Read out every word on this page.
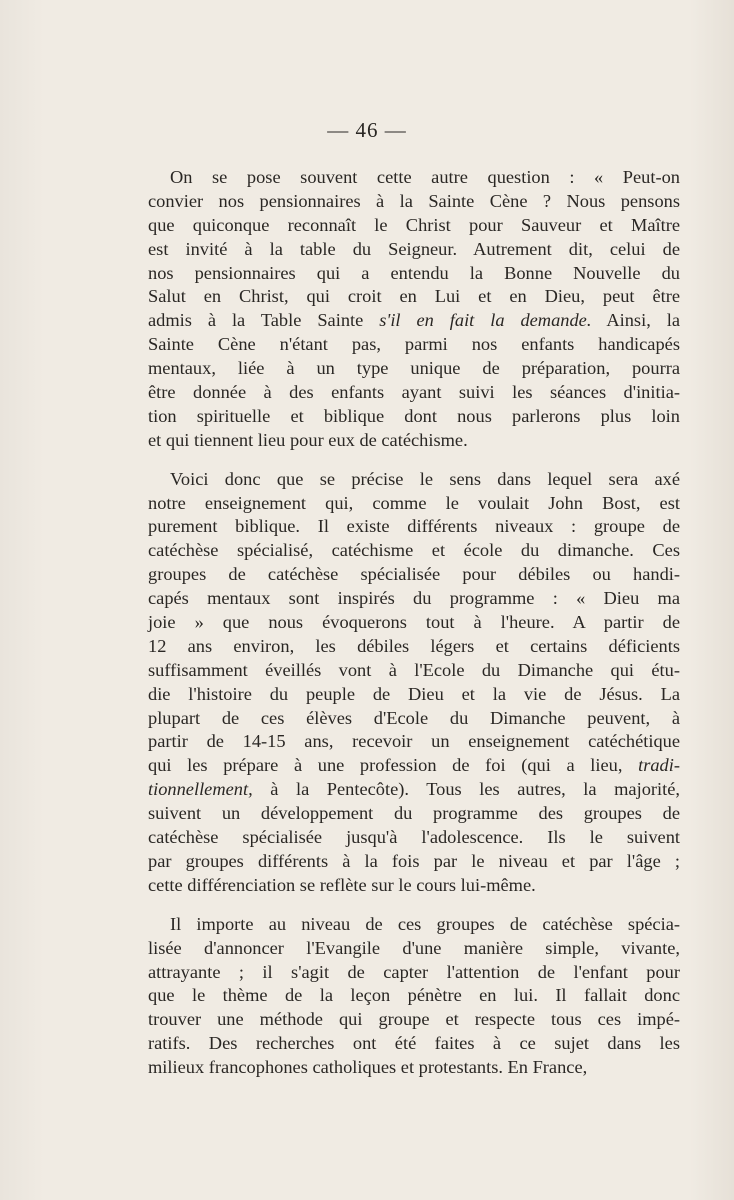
— 46 —
On se pose souvent cette autre question : « Peut-on
convier nos pensionnaires à la Sainte Cène ? Nous pensons
que quiconque reconnaît le Christ pour Sauveur et Maître
est invité à la table du Seigneur. Autrement dit, celui de
nos pensionnaires qui a entendu la Bonne Nouvelle du
Salut en Christ, qui croit en Lui et en Dieu, peut être
admis à la Table Sainte s'il en fait la demande. Ainsi, la
Sainte Cène n'étant pas, parmi nos enfants handicapés
mentaux, liée à un type unique de préparation, pourra
être donnée à des enfants ayant suivi les séances d'initia-
tion spirituelle et biblique dont nous parlerons plus loin
et qui tiennent lieu pour eux de catéchisme.
Voici donc que se précise le sens dans lequel sera axé
notre enseignement qui, comme le voulait John Bost, est
purement biblique. Il existe différents niveaux : groupe de
catéchèse spécialisé, catéchisme et école du dimanche. Ces
groupes de catéchèse spécialisée pour débiles ou handi-
capés mentaux sont inspirés du programme : « Dieu ma
joie » que nous évoquerons tout à l'heure. A partir de
12 ans environ, les débiles légers et certains déficients
suffisamment éveillés vont à l'Ecole du Dimanche qui étu-
die l'histoire du peuple de Dieu et la vie de Jésus. La
plupart de ces élèves d'Ecole du Dimanche peuvent, à
partir de 14-15 ans, recevoir un enseignement catéchétique
qui les prépare à une profession de foi (qui a lieu, tradi-
tionnellement, à la Pentecôte). Tous les autres, la majorité,
suivent un développement du programme des groupes de
catéchèse spécialisée jusqu'à l'adolescence. Ils le suivent
par groupes différents à la fois par le niveau et par l'âge ;
cette différenciation se reflète sur le cours lui-même.
Il importe au niveau de ces groupes de catéchèse spécia-
lisée d'annoncer l'Evangile d'une manière simple, vivante,
attrayante ; il s'agit de capter l'attention de l'enfant pour
que le thème de la leçon pénètre en lui. Il fallait donc
trouver une méthode qui groupe et respecte tous ces impé-
ratifs. Des recherches ont été faites à ce sujet dans les
milieux francophones catholiques et protestants. En France,
